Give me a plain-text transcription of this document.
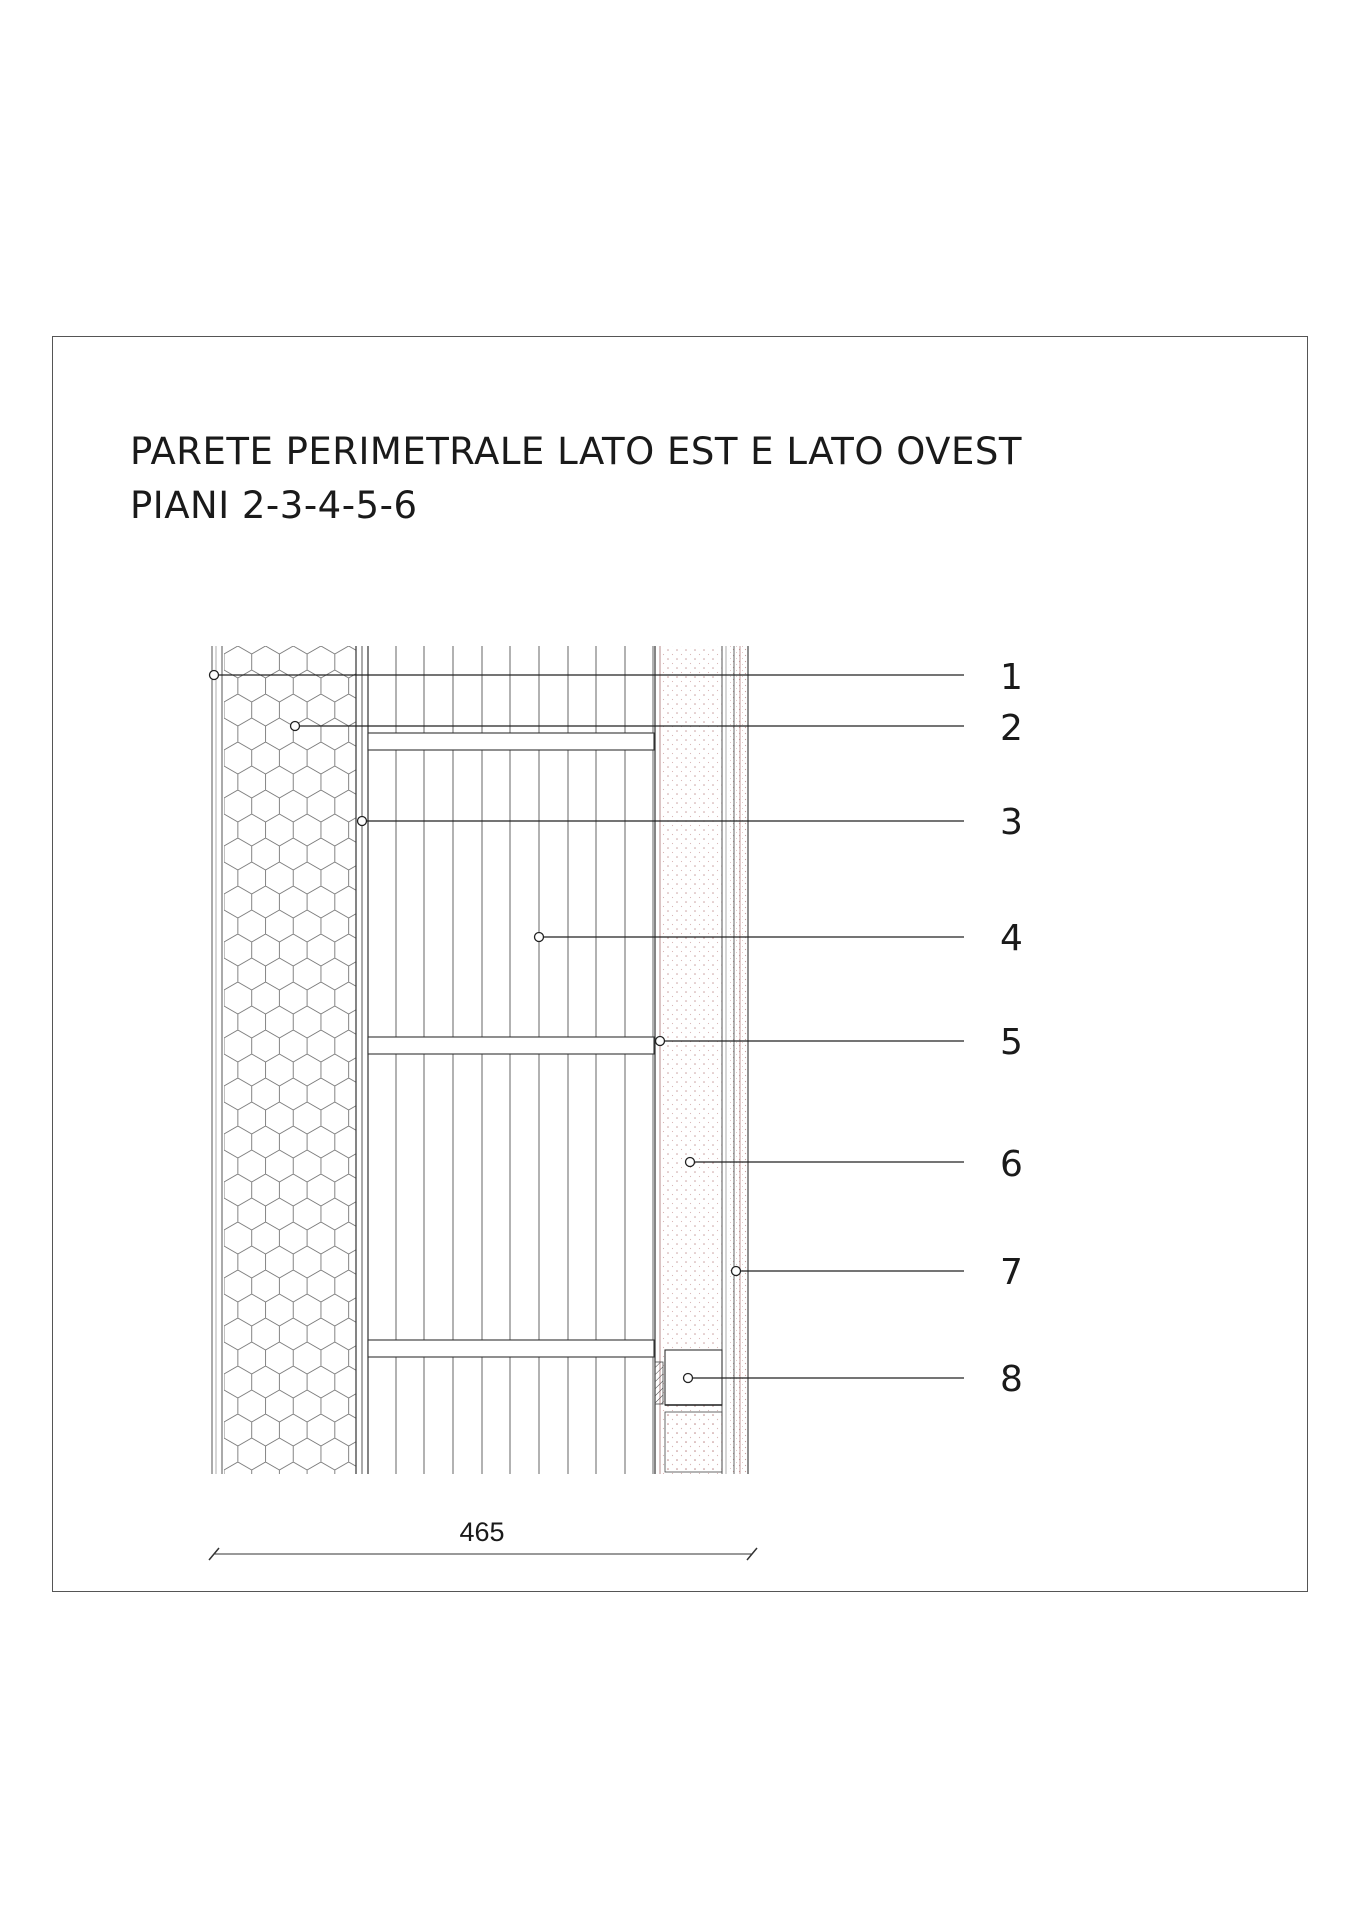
PARETE PERIMETRALE LATO EST E LATO OVEST
PIANI 2-3-4-5-6
1
2
3
4
5
6
7
8
465
